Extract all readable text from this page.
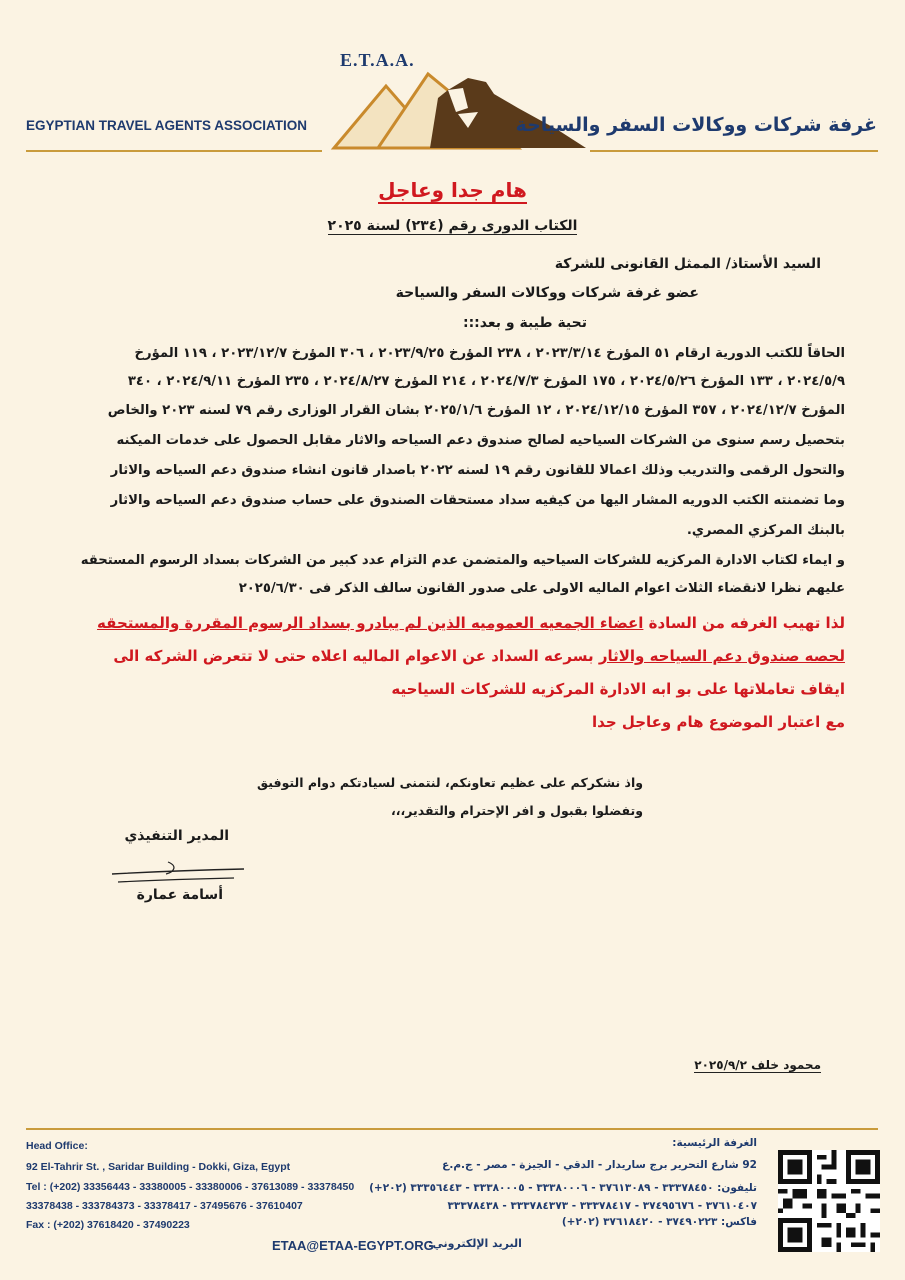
E.T.A.A.
EGYPTIAN TRAVEL AGENTS ASSOCIATION	غرفة شركات ووكالات السفر والسياحة
هام جدا وعاجل
الكتاب الدورى رقم (٢٣٤) لسنة ٢٠٢٥
السيد الأستاذ/ الممثل القانونى للشركة
عضو غرفة شركات ووكالات السفر والسياحة
تحية طيبة و بعد:::
الحاقاً للكتب الدورية ارقام ٥١ المؤرخ ٢٠٢٣/٣/١٤ ، ٢٣٨ المؤرخ ٢٠٢٣/٩/٢٥ ، ٣٠٦ المؤرخ ٢٠٢٣/١٢/٧ ، ١١٩ المؤرخ
٢٠٢٤/٥/٩ ، ١٣٣ المؤرخ ٢٠٢٤/٥/٢٦ ، ١٧٥ المؤرخ ٢٠٢٤/٧/٣ ، ٢١٤ المؤرخ ٢٠٢٤/٨/٢٧ ، ٢٣٥ المؤرخ ٢٠٢٤/٩/١١ ، ٣٤٠
المؤرخ ٢٠٢٤/١٢/٧ ، ٣٥٧ المؤرخ ٢٠٢٤/١٢/١٥ ، ١٢ المؤرخ ٢٠٢٥/١/٦ بشان القرار الوزارى رقم ٧٩ لسنه ٢٠٢٣ والخاص
بتحصيل رسم سنوى من الشركات السياحيه لصالح صندوق دعم السياحه والاثار مقابل الحصول على خدمات الميكنه
والتحول الرقمى والتدريب وذلك اعمالا للقانون رقم ١٩ لسنه ٢٠٢٢ باصدار قانون انشاء صندوق دعم السياحه والاثار
وما تضمنته الكتب الدوريه المشار اليها من كيفيه سداد مستحقات الصندوق على حساب صندوق دعم السياحه والاثار
بالبنك المركزي المصري.
و ايماء لكتاب الادارة المركزيه للشركات السياحيه والمتضمن عدم التزام عدد كبير من الشركات بسداد الرسوم المستحقه
عليهم نظرا لانقضاء الثلاث اعوام الماليه الاولى على صدور القانون سالف الذكر فى ٢٠٢٥/٦/٣٠
لذا تهيب الغرفه من السادة اعضاء الجمعيه العموميه الذين لم يبادرو بسداد الرسوم المقررة والمستحقه
لحصه صندوق دعم السياحه والاثار بسرعه السداد عن الاعوام الماليه اعلاه حتى لا تتعرض الشركه الى
ايقاف تعاملاتها على بو ابه الادارة المركزيه للشركات السياحيه
مع اعتبار الموضوع هام وعاجل جدا
واذ نشكركم على عظيم تعاونكم، لنتمنى لسيادتكم دوام التوفيق
وتفضلوا بقبول و افر الإحترام والتقدير،،،
المدير التنفيذي
أسامة عمارة
محمود خلف ٢٠٢٥/٩/٢
Head Office:
92 El-Tahrir St. , Saridar Building - Dokki, Giza, Egypt
Tel : (+202) 33356443 - 33380005 - 33380006 - 37613089 - 33378450
33378438 - 333784373 - 33378417 - 37495676 - 37610407
Fax : (+202) 37618420 - 37490223
الغرفة الرئيسية:
92 شارع التحرير برج ساريدار - الدقي - الجيزة - مصر - ج.م.ع
تليفون: ٣٣٣٧٨٤٥٠ - ٣٧٦١٣٠٨٩ - ٣٣٣٨٠٠٠٦ - ٣٣٣٨٠٠٠٥ - ٣٣٣٥٦٤٤٣ (٢٠٢+)
٣٧٦١٠٤٠٧ - ٣٧٤٩٥٦٧٦ - ٣٣٣٧٨٤١٧ - ٣٣٣٧٨٤٣٧٣ - ٣٣٣٧٨٤٣٨
فاكس: ٣٧٤٩٠٢٢٣ - ٣٧٦١٨٤٢٠ (٢٠٢+)
ETAA@ETAA-EGYPT.ORG
البريد الإلكتروني:
